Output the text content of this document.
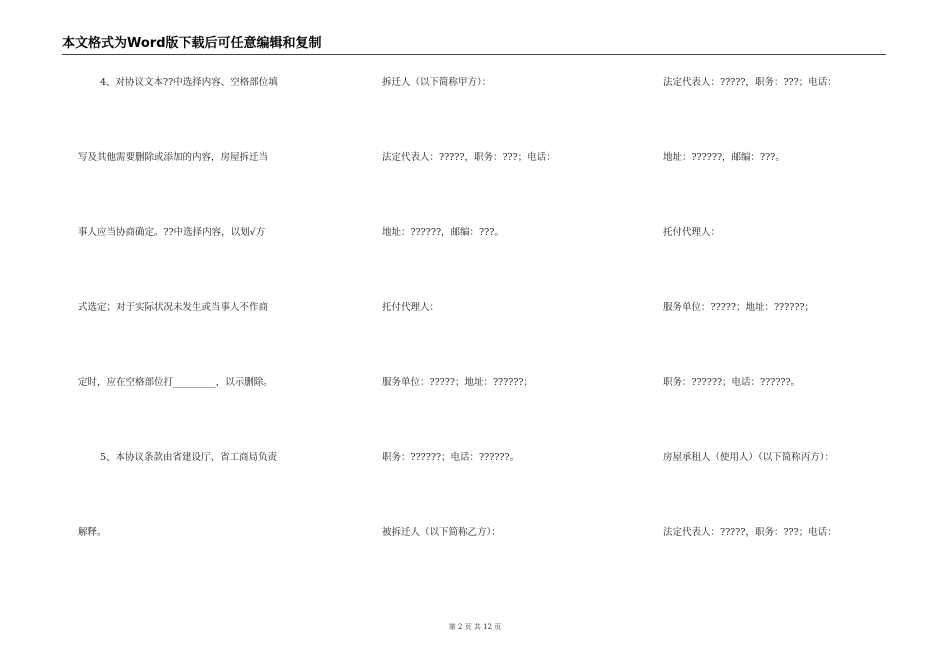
本文格式为Word版下载后可任意编辑和复制
4、对协议文本??中选择内容、空格部位填
写及其他需要删除或添加的内容，房屋拆迁当
事人应当协商确定。??中选择内容，以划√方
式选定；对于实际状况未发生或当事人不作商
定时，应在空格部位打_________，以示删除。
5、本协议条款由省建设厅、省工商局负责
解释。
拆迁人（以下简称甲方）：
法定代表人：?????，职务：???；电话：
地址：??????，邮编：???。
托付代理人：
服务单位：?????；地址：??????；
职务：??????；电话：??????。
被拆迁人（以下简称乙方）：
法定代表人：?????，职务：???；电话：
地址：??????，邮编：???。
托付代理人：
服务单位：?????；地址：??????；
职务：??????；电话：??????。
房屋承租人（使用人）（以下简称丙方）：
法定代表人：?????，职务：???；电话：
第 2 页 共 12 页
